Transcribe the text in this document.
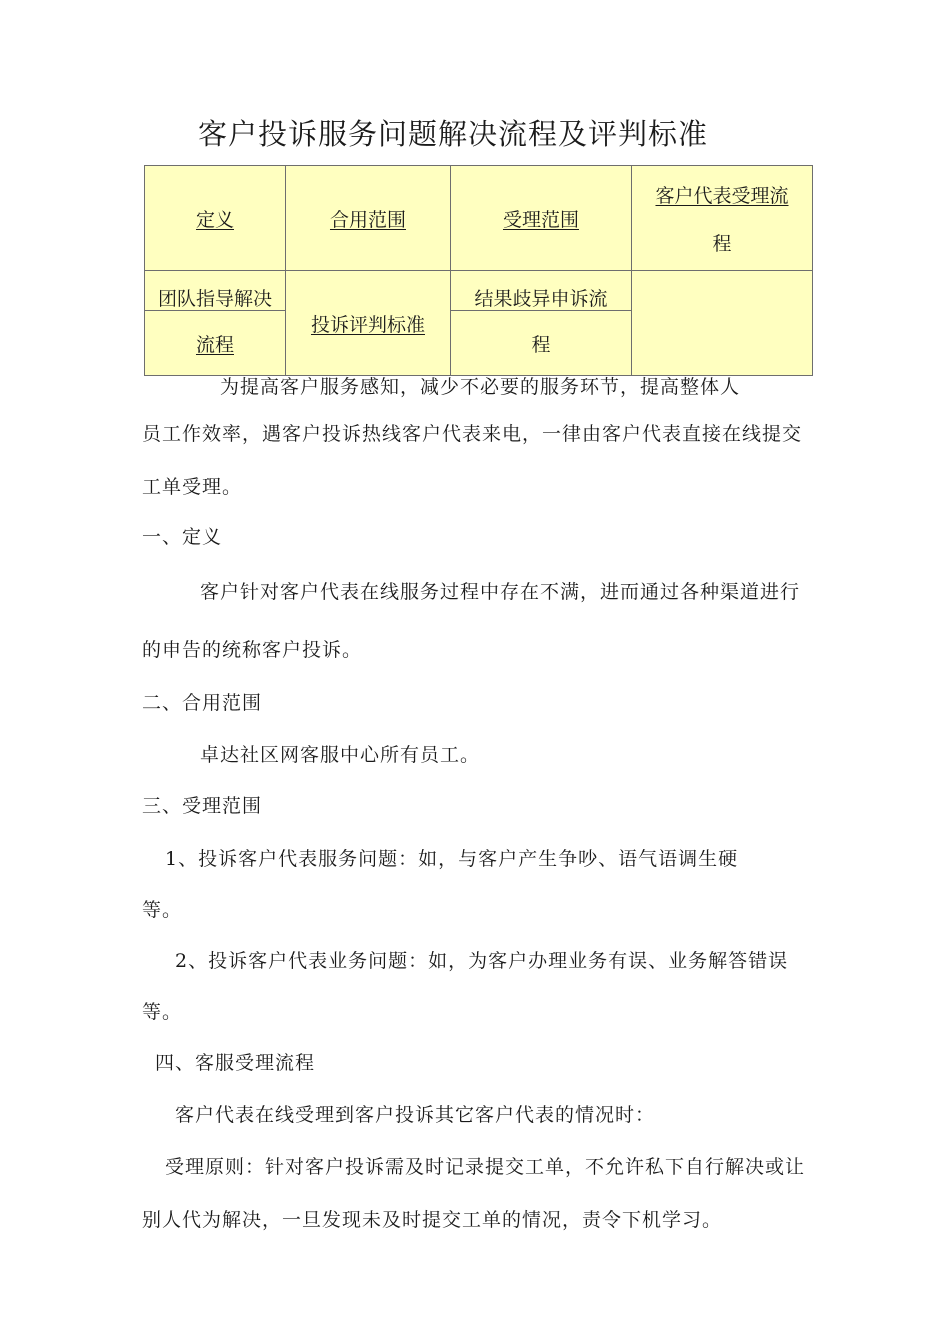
客户投诉服务问题解决流程及评判标准
定义	合用范围	受理范围
客户代表受理流
程
团队指导解决
流程
投诉评判标准
结果歧异申诉流
程
为提高客户服务感知，减少不必要的服务环节，提高整体人
员工作效率，遇客户投诉热线客户代表来电，一律由客户代表直接在线提交
工单受理。
一、定义
客户针对客户代表在线服务过程中存在不满，进而通过各种渠道进行
的申告的统称客户投诉。
二、合用范围
卓达社区网客服中心所有员工。
三、受理范围
1、投诉客户代表服务问题：如，与客户产生争吵、语气语调生硬
等。
2、投诉客户代表业务问题：如，为客户办理业务有误、业务解答错误
等。
四、客服受理流程
客户代表在线受理到客户投诉其它客户代表的情况时：
受理原则：针对客户投诉需及时记录提交工单，不允许私下自行解决或让
别人代为解决，一旦发现未及时提交工单的情况，责令下机学习。
